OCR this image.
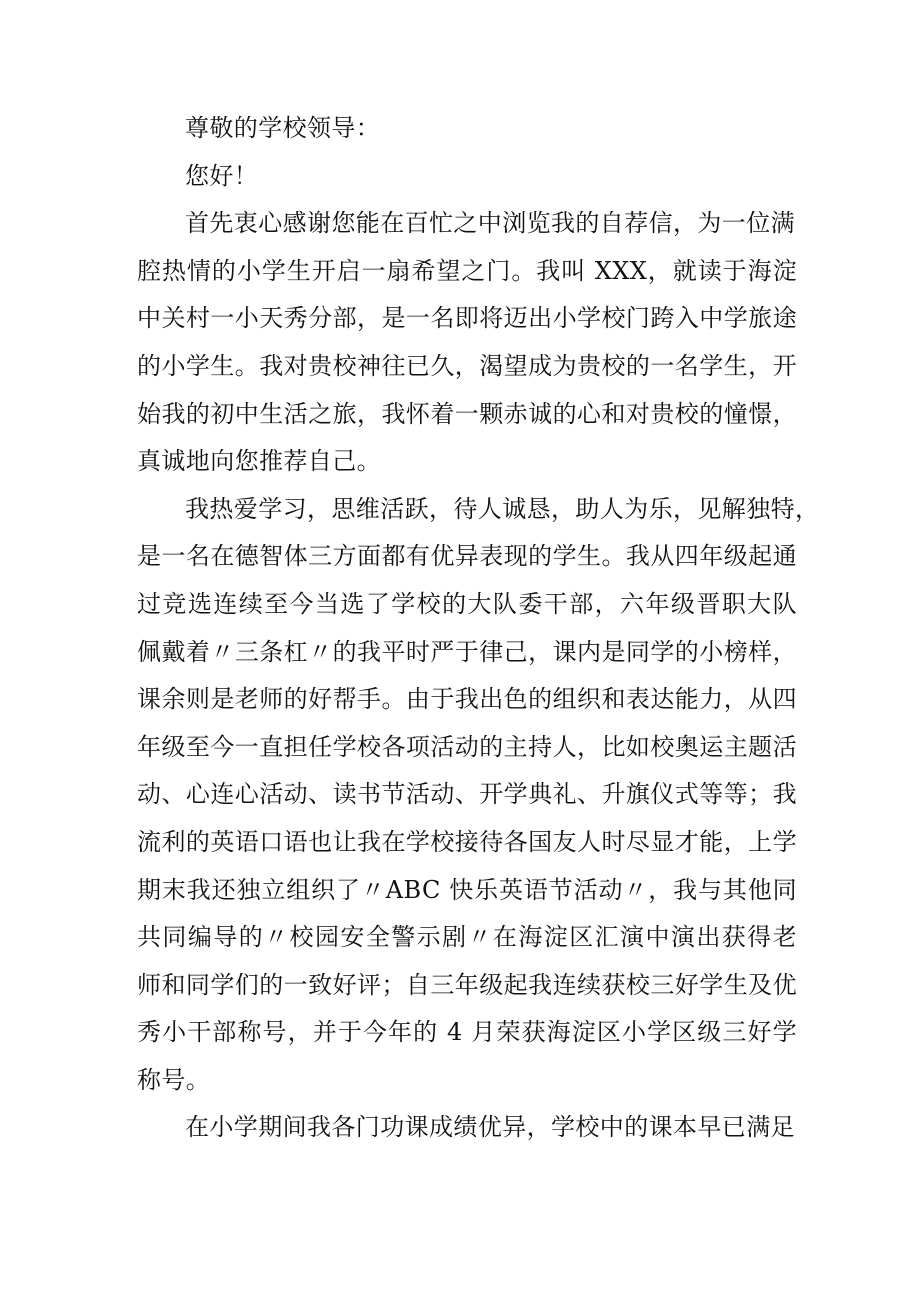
尊敬的学校领导：
您好！
首先衷心感谢您能在百忙之中浏览我的自荐信，为一位满
腔热情的小学生开启一扇希望之门。我叫 XXX，就读于海淀
中关村一小天秀分部，是一名即将迈出小学校门跨入中学旅途
的小学生。我对贵校神往已久，渴望成为贵校的一名学生，开
始我的初中生活之旅，我怀着一颗赤诚的心和对贵校的憧憬，
真诚地向您推荐自己。
我热爱学习，思维活跃，待人诚恳，助人为乐，见解独特，
是一名在德智体三方面都有优异表现的学生。我从四年级起通
过竞选连续至今当选了学校的大队委干部，六年级晋职大队
佩戴着〃三条杠〃的我平时严于律己，课内是同学的小榜样，
课余则是老师的好帮手。由于我出色的组织和表达能力，从四
年级至今一直担任学校各项活动的主持人，比如校奥运主题活
动、心连心活动、读书节活动、开学典礼、升旗仪式等等；我
流利的英语口语也让我在学校接待各国友人时尽显才能，上学
期末我还独立组织了〃ABC 快乐英语节活动〃，我与其他同
共同编导的〃校园安全警示剧〃在海淀区汇演中演出获得老
师和同学们的一致好评；自三年级起我连续获校三好学生及优
秀小干部称号，并于今年的 4 月荣获海淀区小学区级三好学
称号。
在小学期间我各门功课成绩优异，学校中的课本早已满足
